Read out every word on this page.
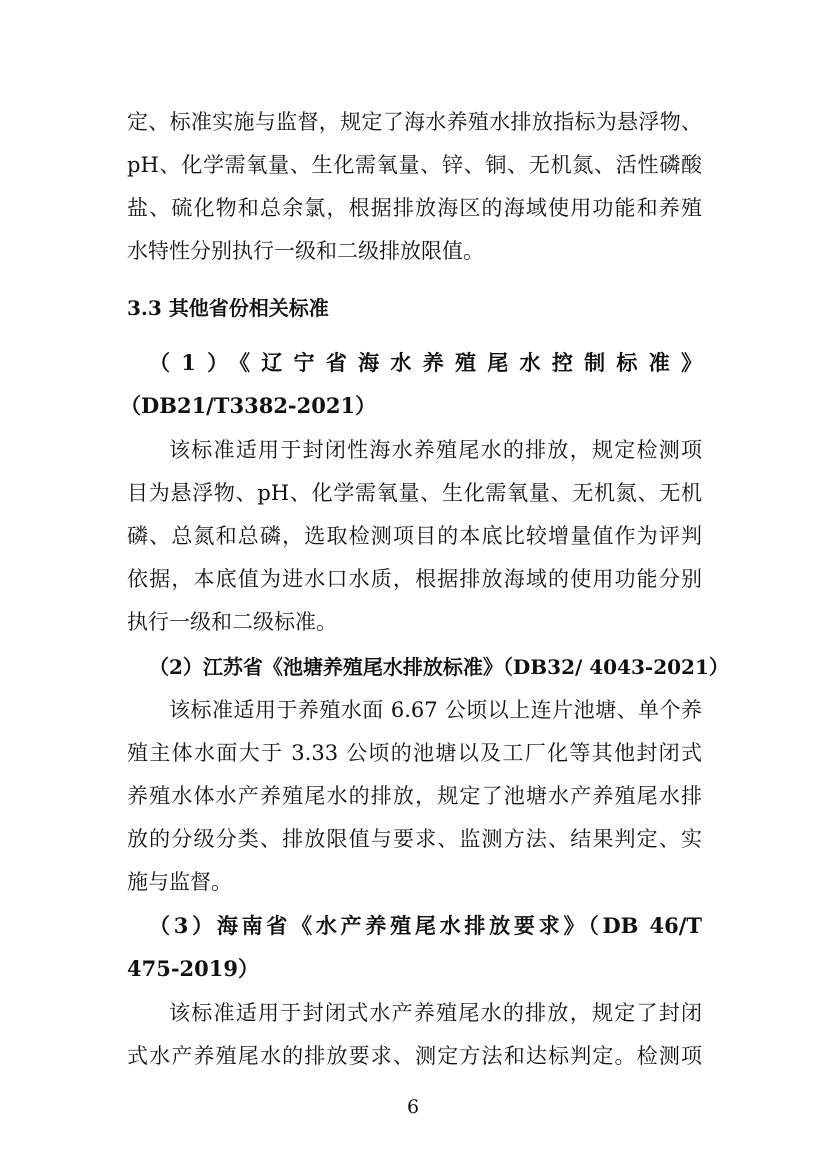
定、标准实施与监督，规定了海水养殖水排放指标为悬浮物、
pH、化学需氧量、生化需氧量、锌、铜、无机氮、活性磷酸
盐、硫化物和总余氯，根据排放海区的海域使用功能和养殖
水特性分别执行一级和二级排放限值。
3.3 其他省份相关标准
（1）《辽宁省海水养殖尾水控制标准》
（DB21/T3382-2021）
该标准适用于封闭性海水养殖尾水的排放，规定检测项
目为悬浮物、pH、化学需氧量、生化需氧量、无机氮、无机
磷、总氮和总磷，选取检测项目的本底比较增量值作为评判
依据，本底值为进水口水质，根据排放海域的使用功能分别
执行一级和二级标准。
（2）江苏省《池塘养殖尾水排放标准》（DB32/ 4043-2021）
该标准适用于养殖水面 6.67 公顷以上连片池塘、单个养
殖主体水面大于 3.33 公顷的池塘以及工厂化等其他封闭式
养殖水体水产养殖尾水的排放，规定了池塘水产养殖尾水排
放的分级分类、排放限值与要求、监测方法、结果判定、实
施与监督。
（3）海南省《水产养殖尾水排放要求》（DB 46/T
475-2019）
该标准适用于封闭式水产养殖尾水的排放，规定了封闭
式水产养殖尾水的排放要求、测定方法和达标判定。检测项
6
